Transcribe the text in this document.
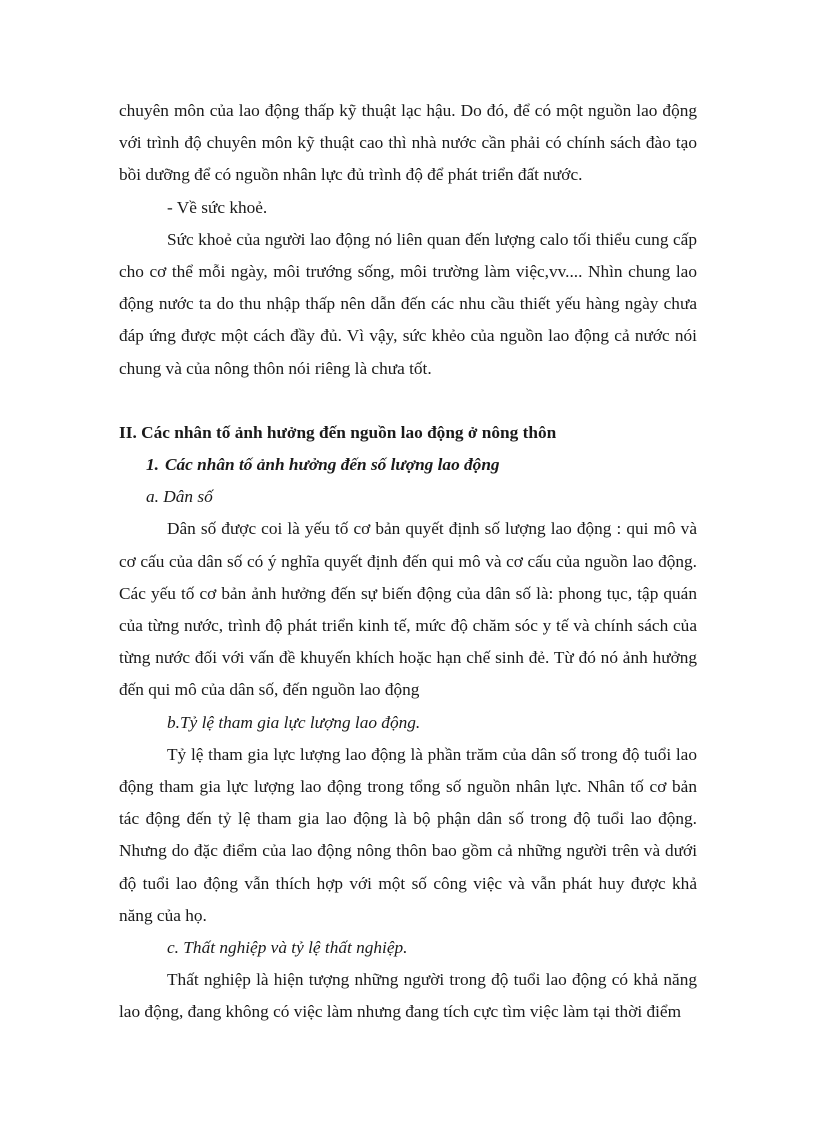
chuyên môn của lao động thấp kỹ thuật lạc hậu. Do đó, để có một nguồn lao động với trình độ chuyên môn kỹ thuật cao thì nhà nước cần phải có chính sách đào tạo bồi dưỡng để có nguồn nhân lực đủ trình độ để phát triển đất nước.

- Về sức khoẻ.

Sức khoẻ của người lao động nó liên quan đến lượng calo tối thiểu cung cấp cho cơ thể mỗi ngày, môi trướng sống, môi trường làm việc,vv.... Nhìn chung lao động nước ta do thu nhập thấp nên dẫn đến các nhu cầu thiết yếu hàng ngày chưa đáp ứng được một cách đầy đủ. Vì vậy, sức khẻo của nguồn lao động cả nước nói chung và của nông thôn nói riêng là chưa tốt.

II. Các nhân tố ảnh hưởng đến nguồn lao động ở nông thôn

1. Các nhân tố ảnh hưởng đến số lượng lao động

a. Dân số

Dân số được coi là yếu tố cơ bản quyết định số lượng lao động : qui mô và cơ cấu của dân số có ý nghĩa quyết định đến qui mô và cơ cấu của nguồn lao động. Các yếu tố cơ bản ảnh hưởng đến sự biến động của dân số là: phong tục, tập quán của từng nước, trình độ phát triển kinh tế, mức độ chăm sóc y tế và chính sách của từng nước đối với vấn đề khuyến khích hoặc hạn chế sinh đẻ. Từ đó nó ảnh hưởng đến qui mô của dân số, đến nguồn lao động

b.Tỷ lệ tham gia lực lượng lao động.

Tỷ lệ tham gia lực lượng lao động là phần trăm của dân số trong độ tuổi lao động tham gia lực lượng lao động trong tổng số nguồn nhân lực. Nhân tố cơ bản tác động đến tỷ lệ tham gia lao động là bộ phận dân số trong độ tuổi lao động. Nhưng do đặc điểm của lao động nông thôn bao gồm cả những người trên và dưới độ tuổi lao động vẫn thích hợp với một số công việc và vẫn phát huy được khả năng của họ.

c. Thất nghiệp và tỷ lệ thất nghiệp.

Thất nghiệp là hiện tượng những người trong độ tuổi lao động có khả năng lao động, đang không có việc làm nhưng đang tích cực tìm việc làm tại thời điểm
